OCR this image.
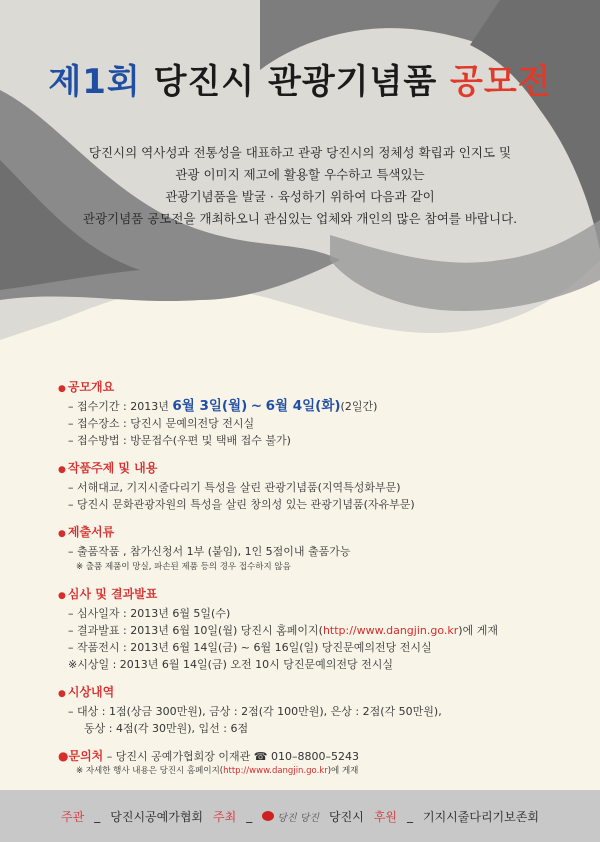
제1회 당진시 관광기념품 공모전
당진시의 역사성과 전통성을 대표하고 관광 당진시의 정체성 확립과 인지도 및
관광 이미지 제고에 활용할 우수하고 특색있는
관광기념품을 발굴 · 육성하기 위하여 다음과 같이
관광기념품 공모전을 개최하오니 관심있는 업체와 개인의 많은 참여를 바랍니다.
● 공모개요
– 접수기간 : 2013년 6월 3일(월) ~ 6월 4일(화)(2일간)
– 접수장소 : 당진시 문예의전당 전시실
– 접수방법 : 방문접수(우편 및 택배 접수 불가)
● 작품주제 및 내용
– 서해대교, 기지시줄다리기 특성을 살린 관광기념품(지역특성화부문)
– 당진시 문화관광자원의 특성을 살린 창의성 있는 관광기념품(자유부문)
● 제출서류
– 출품작품 , 참가신청서 1부 (붙임), 1인 5점이내 출품가능
※ 출품 제품이 망실, 파손된 제품 등의 경우 접수하지 않음
● 심사 및 결과발표
– 심사일자 : 2013년 6월 5일(수)
– 결과발표 : 2013년 6월 10일(월) 당진시 홈페이지(http://www.dangjin.go.kr)에 게재
– 작품전시 : 2013년 6월 14일(금) ~ 6월 16일(일) 당진문예의전당 전시실
※시상일 : 2013년 6월 14일(금) 오전 10시 당진문예의전당 전시실
● 시상내역
– 대상 : 1점(상금 300만원), 금상 : 2점(각 100만원), 은상 : 2점(각 50만원),
동상 : 4점(각 30만원), 입선 : 6점
●문의처 – 당진시 공예가협회장 이재관 ☎ 010–8800–5243
※ 자세한 행사 내용은 당진시 홈페이지(http://www.dangjin.go.kr)에 게재
주관 _ 당진시공예가협회 주최 _	당진 당진 당진시 후원 _ 기지시줄다리기보존회
